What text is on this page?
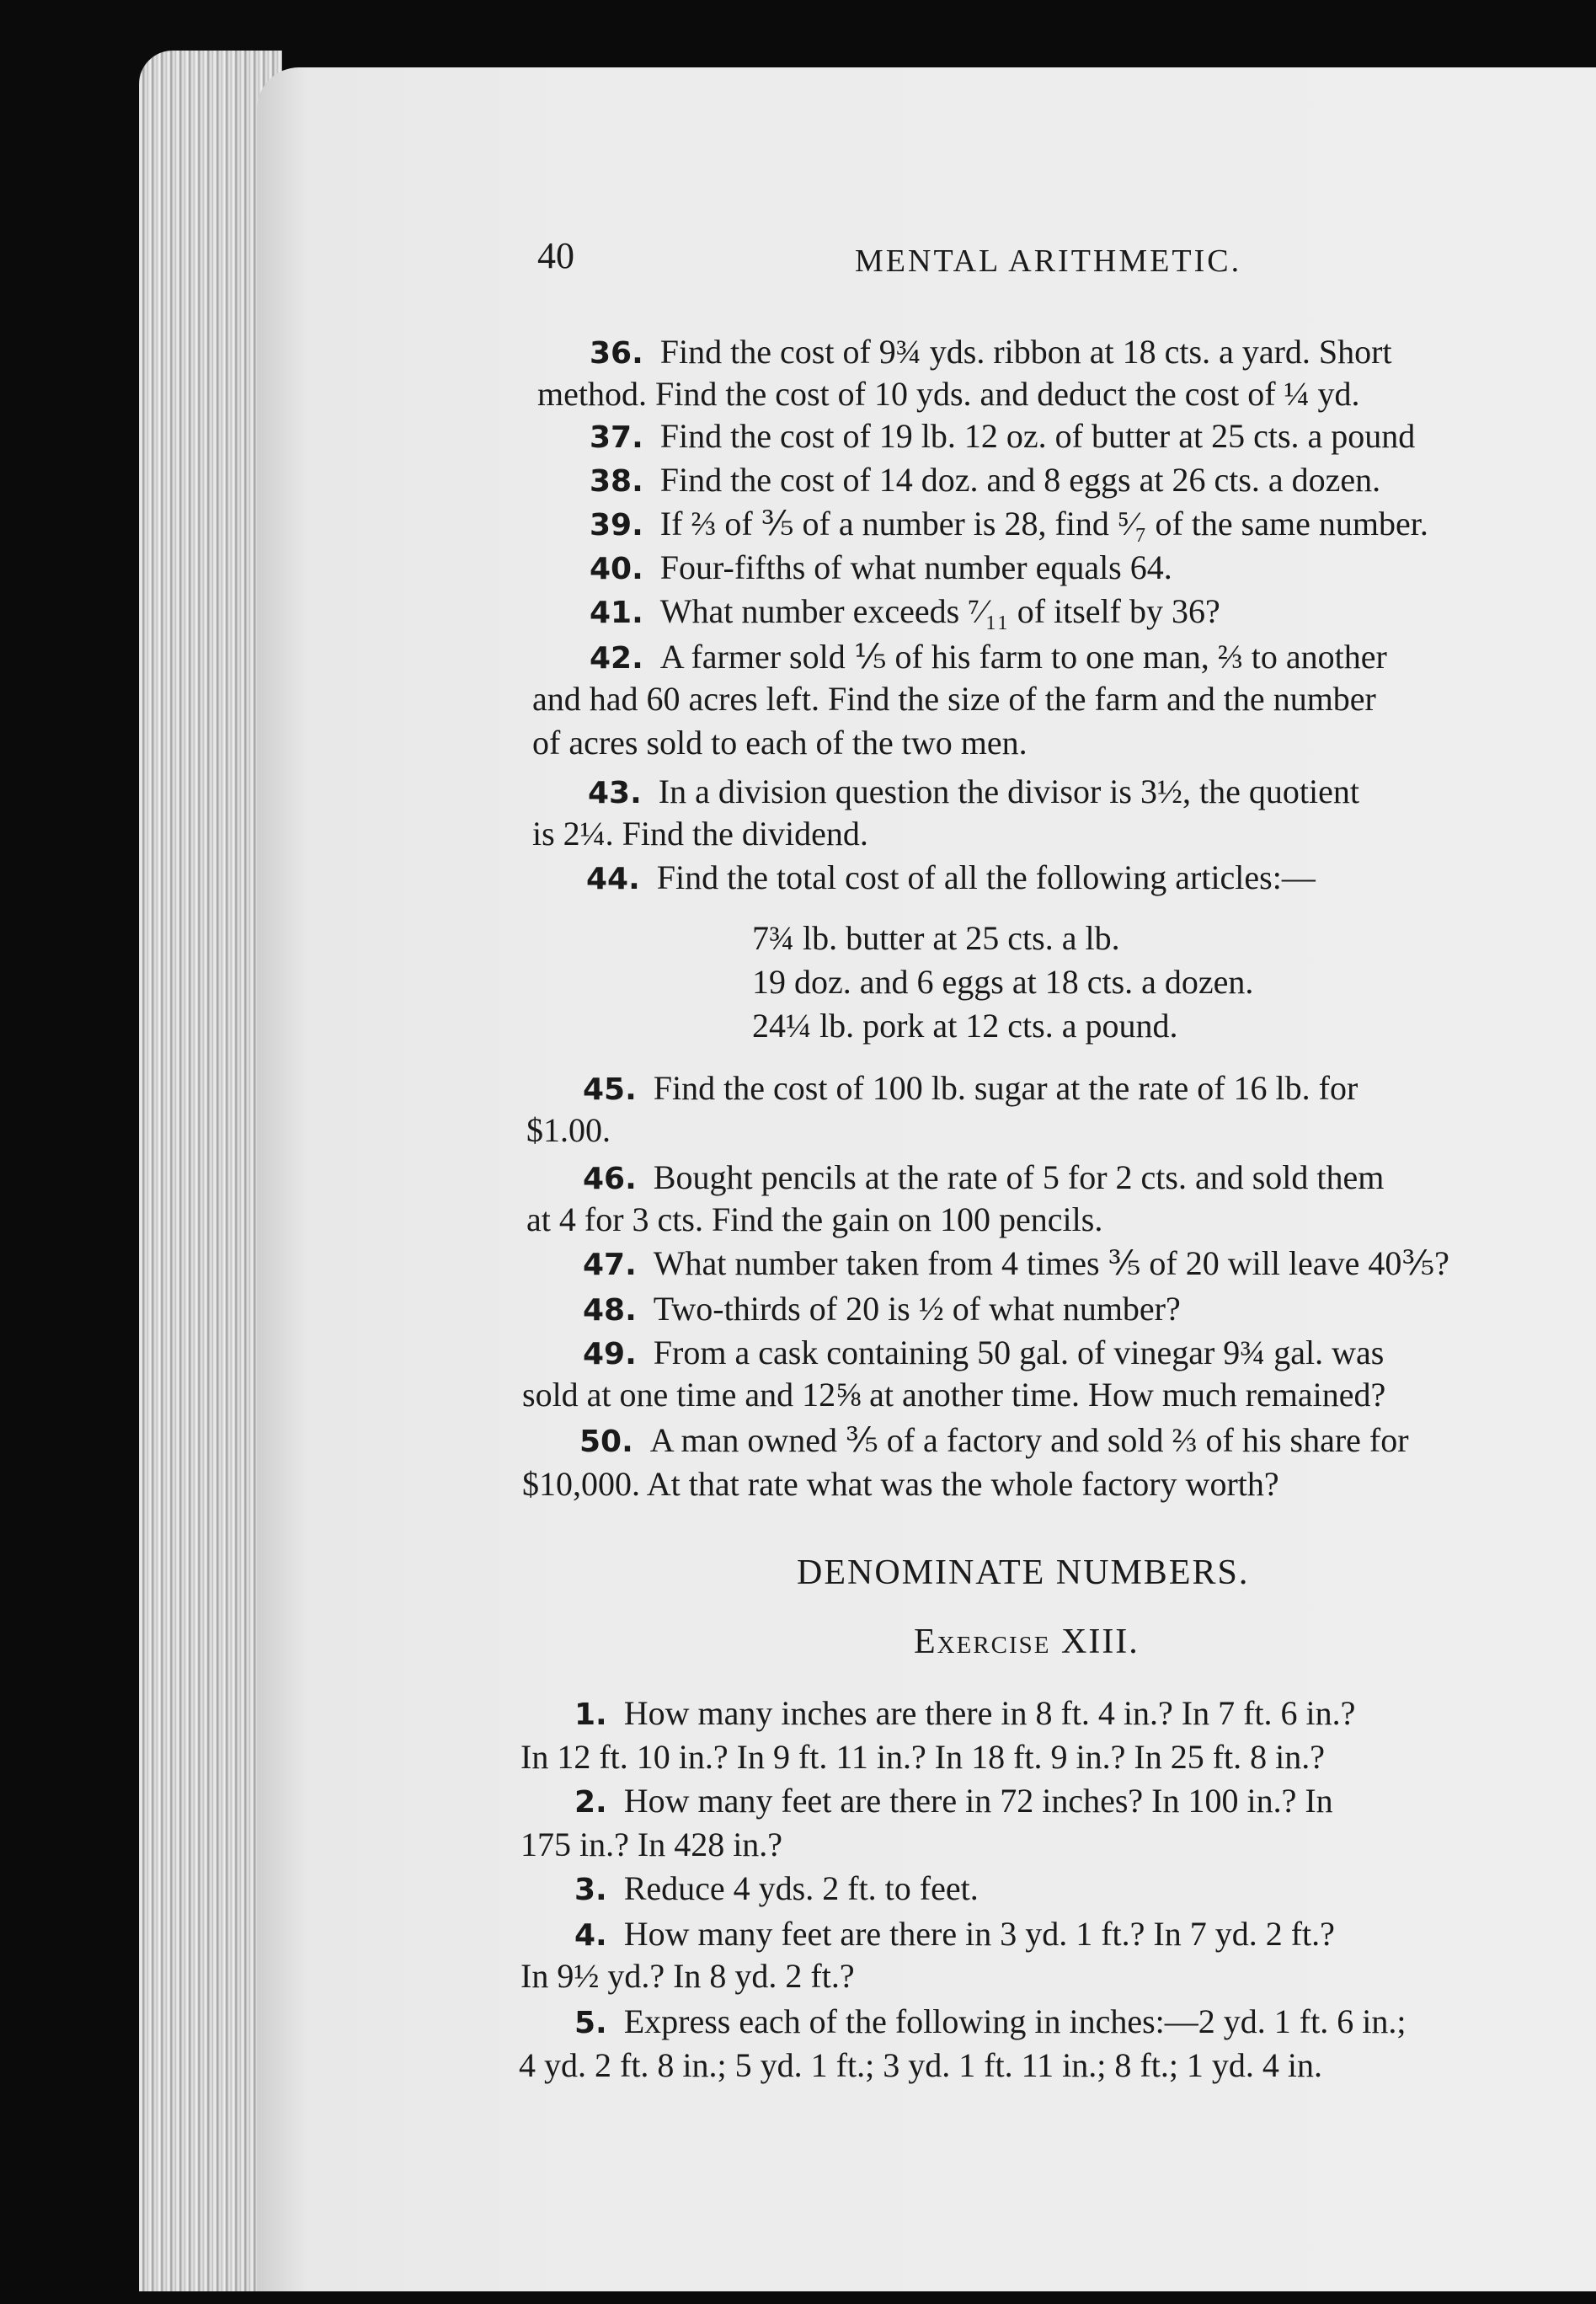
40	MENTAL ARITHMETIC.
36. Find the cost of 9¾ yds. ribbon at 18 cts. a yard. Short
method. Find the cost of 10 yds. and deduct the cost of ¼ yd.
37. Find the cost of 19 lb. 12 oz. of butter at 25 cts. a pound
38. Find the cost of 14 doz. and 8 eggs at 26 cts. a dozen.
39. If ⅔ of ⅗ of a number is 28, find ⁵⁄₇ of the same number.
40. Four-fifths of what number equals 64.
41. What number exceeds ⁷⁄₁₁ of itself by 36?
42. A farmer sold ⅕ of his farm to one man, ⅔ to another
and had 60 acres left. Find the size of the farm and the number
of acres sold to each of the two men.
43. In a division question the divisor is 3½, the quotient
is 2¼. Find the dividend.
44. Find the total cost of all the following articles:—
7¾ lb. butter at 25 cts. a lb.
19 doz. and 6 eggs at 18 cts. a dozen.
24¼ lb. pork at 12 cts. a pound.
45. Find the cost of 100 lb. sugar at the rate of 16 lb. for
$1.00.
46. Bought pencils at the rate of 5 for 2 cts. and sold them
at 4 for 3 cts. Find the gain on 100 pencils.
47. What number taken from 4 times ⅗ of 20 will leave 40⅗?
48. Two-thirds of 20 is ½ of what number?
49. From a cask containing 50 gal. of vinegar 9¾ gal. was
sold at one time and 12⅝ at another time. How much remained?
50. A man owned ⅗ of a factory and sold ⅔ of his share for
$10,000. At that rate what was the whole factory worth?
DENOMINATE NUMBERS.
Exercise XIII.
1. How many inches are there in 8 ft. 4 in.? In 7 ft. 6 in.?
In 12 ft. 10 in.? In 9 ft. 11 in.? In 18 ft. 9 in.? In 25 ft. 8 in.?
2. How many feet are there in 72 inches? In 100 in.? In
175 in.? In 428 in.?
3. Reduce 4 yds. 2 ft. to feet.
4. How many feet are there in 3 yd. 1 ft.? In 7 yd. 2 ft.?
In 9½ yd.? In 8 yd. 2 ft.?
5. Express each of the following in inches:—2 yd. 1 ft. 6 in.;
4 yd. 2 ft. 8 in.; 5 yd. 1 ft.; 3 yd. 1 ft. 11 in.; 8 ft.; 1 yd. 4 in.
